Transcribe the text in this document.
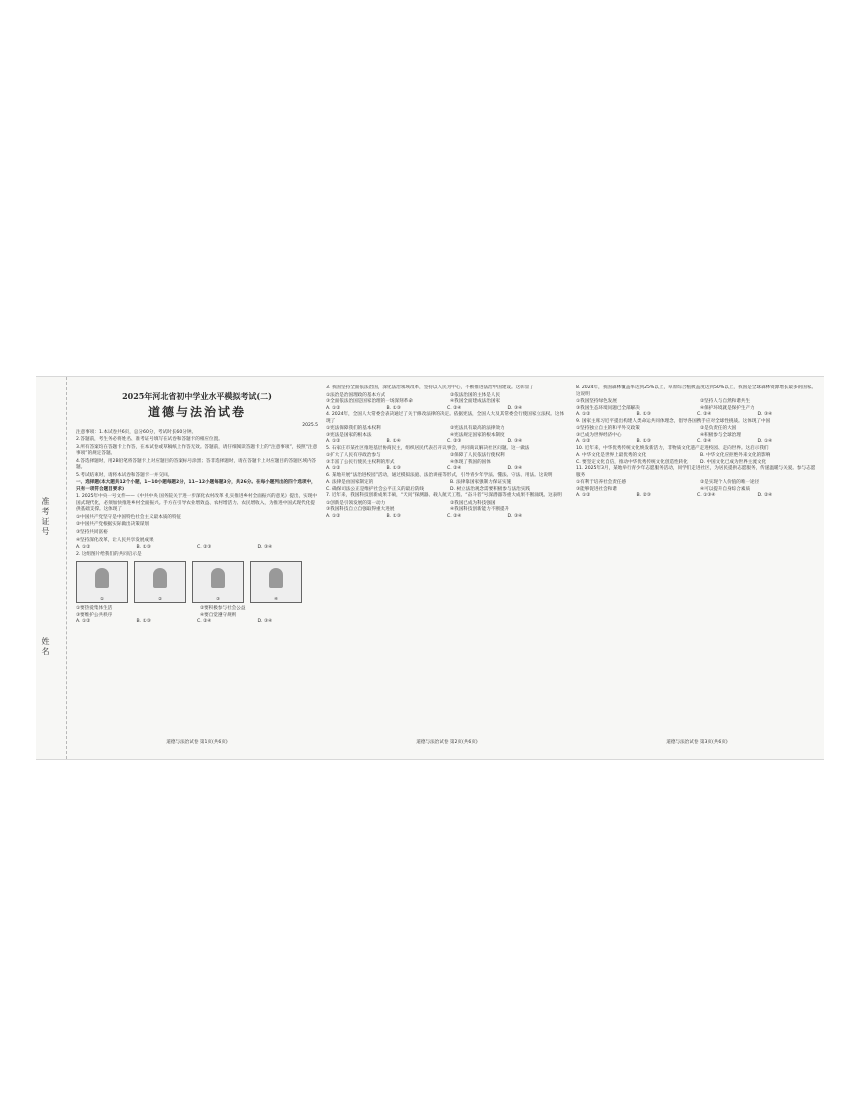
准考证号
姓名
2025年河北省初中学业水平模拟考试(二)
道德与法治试卷
2025.5

注意事项：1.本试卷共6页，总分60分，考试时长60分钟。

2.答题前，考生务必将姓名、准考证号填写在试卷和答题卡的相应位置。

3.所有答案均在答题卡上作答，在本试卷或草稿纸上作答无效。答题前，请仔细阅读答题卡上的“注意事项”，按照“注意事项”的规定答题。

4.答选择题时，用2B铅笔将答题卡上对应题目的答案标号涂黑；答非选择题时，请在答题卡上对应题目的答题区域内答题。

5.考试结束时，请将本试卷和答题卡一并交回。

一、选择题(本大题共12个小题，1~10小题每题2分，11~12小题每题3分，共26分。在每小题列出的四个选项中，只有一项符合题目要求)

1. 2025年中央一号文件——《中共中央 国务院关于进一步深化农村改革 扎实推进乡村全面振兴的意见》提出，实现中国式现代化，必须加快推进乡村全面振兴。手方在引导农业增效益、农村增活力、农民增收入，为推进中国式现代化提供基础支撑。这体现了

①中国共产党坚守是中国特色社会主义最本质的特征

②中国共产党根据实际做出决策谋划

③坚持共同富裕

④坚持深化改革，让人民共享发展成果

A. ①②	B. ①③	C. ②③	D. ③④

2. 这组图片给我们的共同启示是

①	②	③	④
①要热爱集体生活	②要积极参与社会公益
③要维护公共秩序	④要自觉遵守规则
A. ①②	B. ①③	C. ②④	D. ③④
道德与法治试卷 第1页(共6页)

3. 我国坚持全面依法治国，深化法治领域改革，坚持以人民为中心，不断推进法治中国建设。这彰显了

①法治是治国理政的基本方式	②依法治国的主体是人民
③全面依法治国是国家治理的一场深刻革命	④我国全面建成法治国家
A. ①②	B. ①③	C. ②④	D. ③④

4. 2024年，全国人大常委会表决通过了关于修改法律的决定。依据宪法，全国人大及其常委会行使国家立法权。这体现了

①宪法保障我们的基本权利	②宪法具有最高的法律效力
③宪法是国家的根本法	④宪法规定国家的根本制度
A. ①②	B. ①④	C. ②③	D. ③④

5. 石家庄市某社区推进基层协商民主，组织居民代表召开议事会，共同商议解决社区问题。这一做法

①扩大了人民有序政治参与	②保障了人民依法行使权利
③丰富了公民行使民主权利的形式	④体现了我国的国体
A. ①②	B. ①③	C. ②④	D. ③④

6. 某地开展“法治进校园”活动，通过模拟法庭、法治讲座等形式，引导青少年学法、懂法、守法、用法。这说明

A. 法律是由国家制定的	B. 法律靠国家强制力保证实施
C. 确保司法公正是维护社会公平正义的最后防线	D. 树立法治观念需要积极参与法治实践

7. 近年来，我国科技创新成果丰硕，“天问”探测器、载人航天工程、“奋斗者”号深潜器等重大成果不断涌现。这表明

①创新是引领发展的第一动力	②我国已成为科技强国
③我国科技自立自强取得重大进展	④我国科技创新能力不断提升
A. ①②	B. ①③	C. ②④	D. ③④
道德与法治试卷 第2页(共6页)

8. 2024年，我国森林覆盖率达到25%以上，草原综合植被盖度达到50%以上，我国是全球森林资源增长最多的国家。这说明

①我国坚持绿色发展	②坚持人与自然和谐共生
③我国生态环境问题已全部解决	④保护环境就是保护生产力
A. ①②	B. ①③	C. ②④	D. ③④

9. 国家主席习近平提出构建人类命运共同体理念，倡导各国携手应对全球性挑战。这体现了中国

①坚持独立自主的和平外交政策	②是负责任的大国
③已成为世界经济中心	④积极参与全球治理
A. ①②	B. ①③	C. ②④	D. ①④

10. 近年来，中华优秀传统文化焕发新活力，非物质文化遗产走进校园、走向世界。这启示我们

A. 中华文化是世界上最优秀的文化	B. 中华文化应拒绝外来文化的影响
C. 要坚定文化自信，推动中华优秀传统文化创造性转化	D. 中国文化已成为世界主流文化

11. 2025年3月，某地举行青少年志愿服务活动，同学们走进社区，为居民提供志愿服务，传递温暖与关爱。参与志愿服务

①有利于培养社会责任感	②是实现个人价值的唯一途径
③能够促进社会和谐	④可以提升自身综合素质
A. ①②	B. ②③	C. ①③④	D. ②④
道德与法治试卷 第3页(共6页)
